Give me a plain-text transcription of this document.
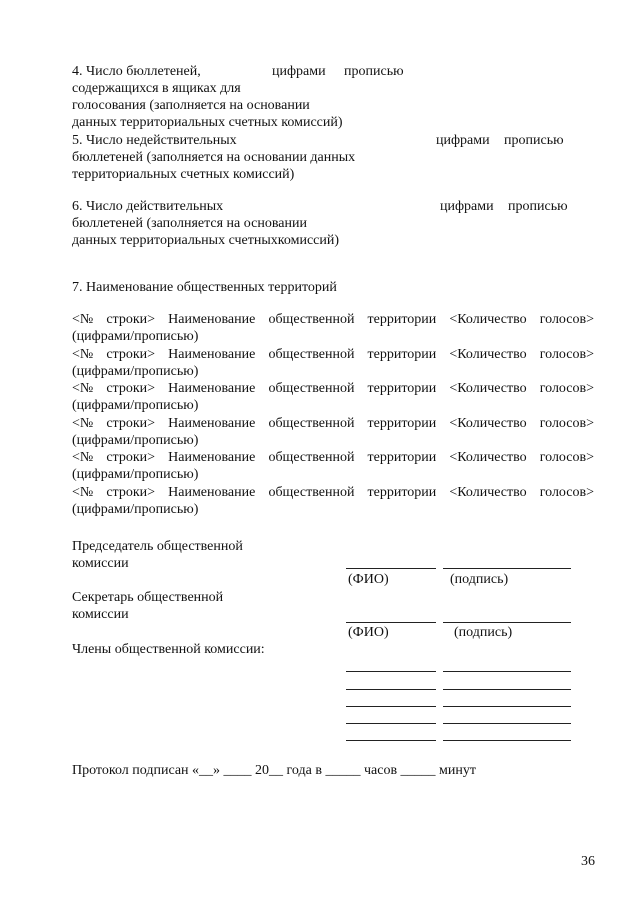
4. Число бюллетеней,
содержащихся в ящиках для
голосования (заполняется на основании
данных территориальных счетных комиссий)
цифрами прописью
5. Число недействительных
бюллетеней (заполняется на основании данных
территориальных счетных комиссий)
цифрами прописью
6. Число действительных
бюллетеней (заполняется на основании
данных территориальных счетныхкомиссий)
цифрами прописью
7. Наименование общественных территорий
<№ строки> Наименование общественной территории <Количество голосов>
(цифрами/прописью)
<№ строки> Наименование общественной территории <Количество голосов>
(цифрами/прописью)
<№ строки> Наименование общественной территории <Количество голосов>
(цифрами/прописью)
<№ строки> Наименование общественной территории <Количество голосов>
(цифрами/прописью)
<№ строки> Наименование общественной территории <Количество голосов>
(цифрами/прописью)
<№ строки> Наименование общественной территории <Количество голосов>
(цифрами/прописью)
Председатель общественной
комиссии
(ФИО)	(подпись)
Секретарь общественной
комиссии
(ФИО)	(подпись)
Члены общественной комиссии:
Протокол подписан «__» ____ 20__ года в _____ часов _____ минут
36
